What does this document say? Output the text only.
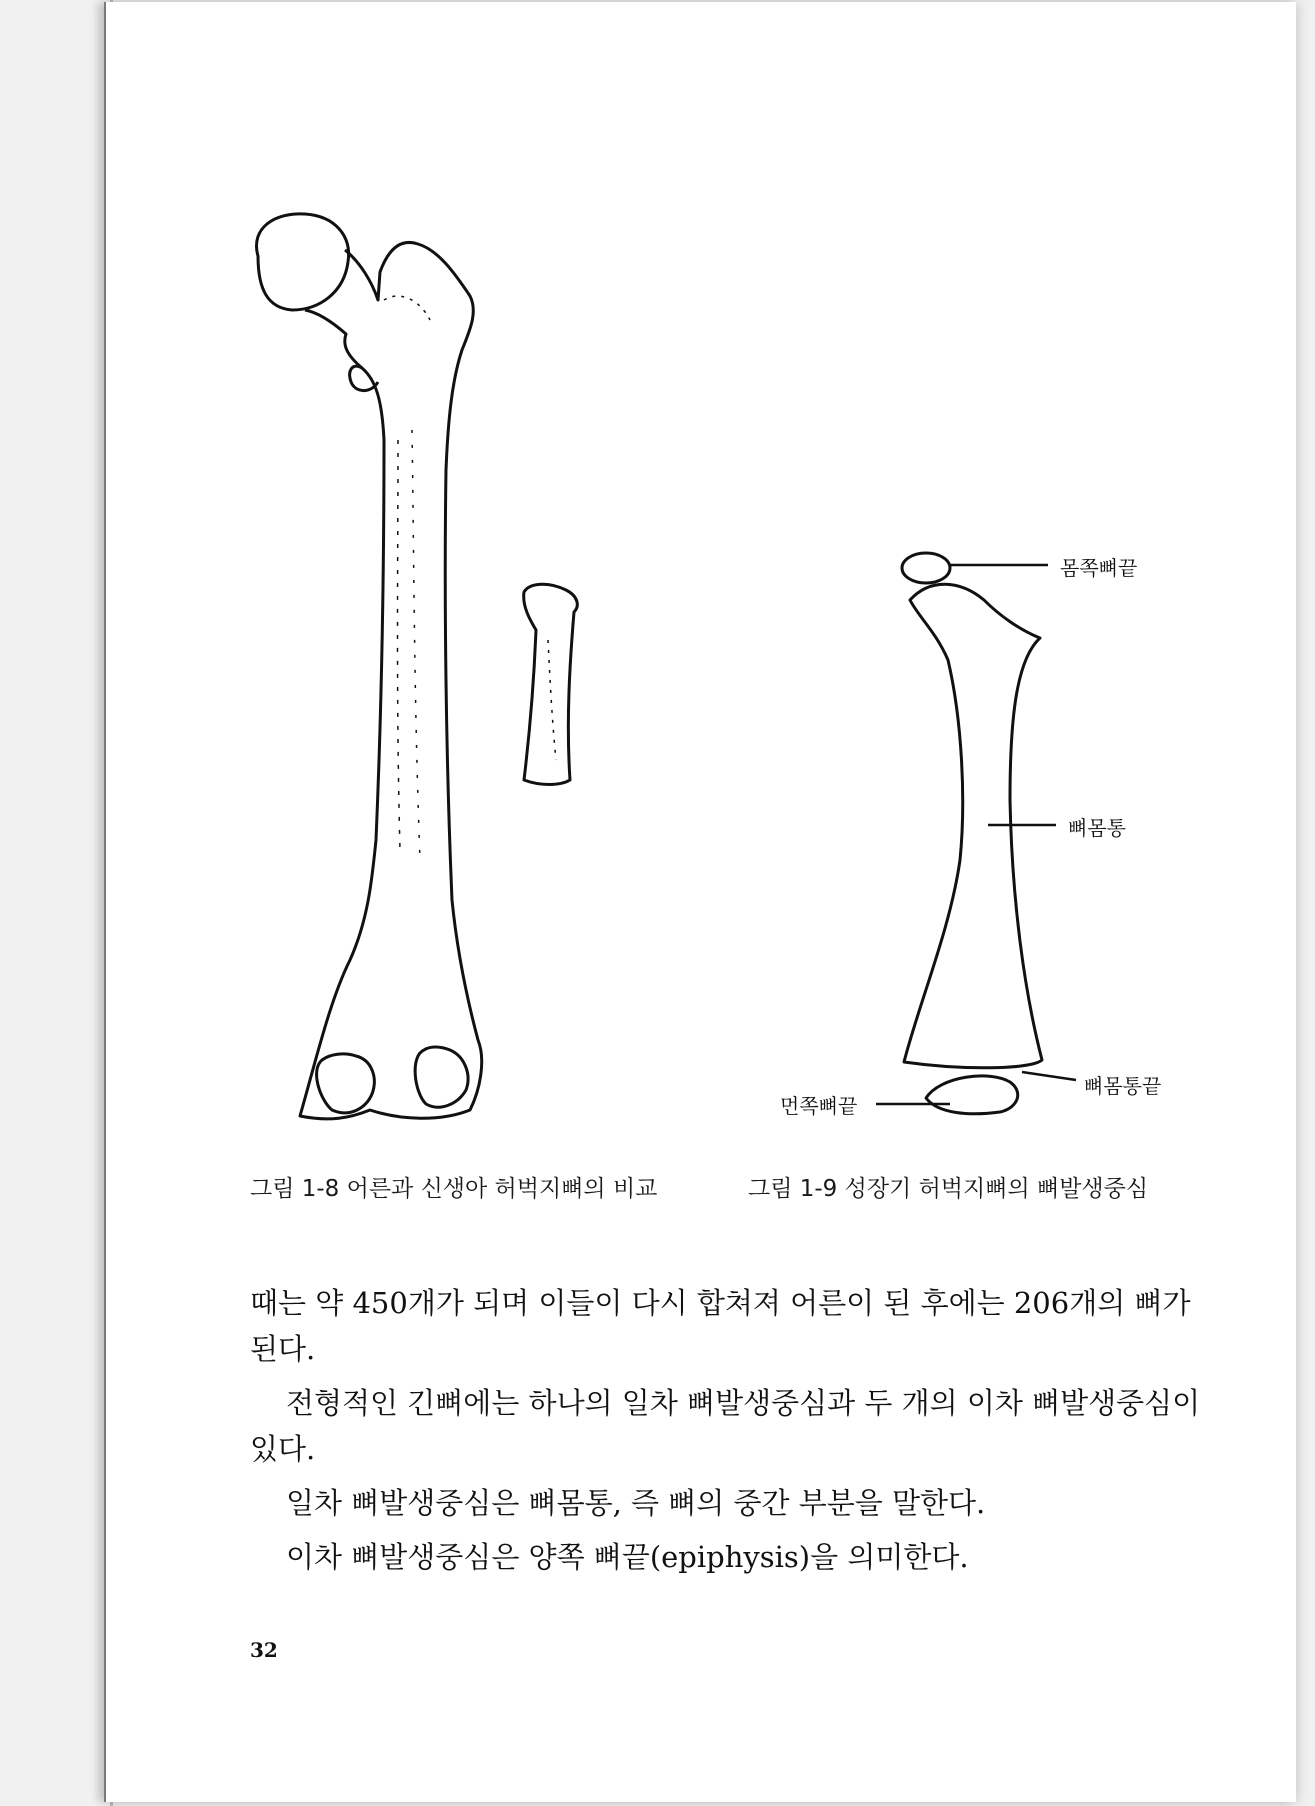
몸쪽뼈끝
뼈몸통
뼈몸통끝
먼쪽뼈끝
그림 1-8 어른과 신생아 허벅지뼈의 비교	그림 1-9 성장기 허벅지뼈의 뼈발생중심

때는 약 450개가 되며 이들이 다시 합쳐져 어른이 된 후에는 206개의 뼈가 된다.

전형적인 긴뼈에는 하나의 일차 뼈발생중심과 두 개의 이차 뼈발생중심이 있다.

일차 뼈발생중심은 뼈몸통, 즉 뼈의 중간 부분을 말한다.

이차 뼈발생중심은 양쪽 뼈끝(epiphysis)을 의미한다.

32
